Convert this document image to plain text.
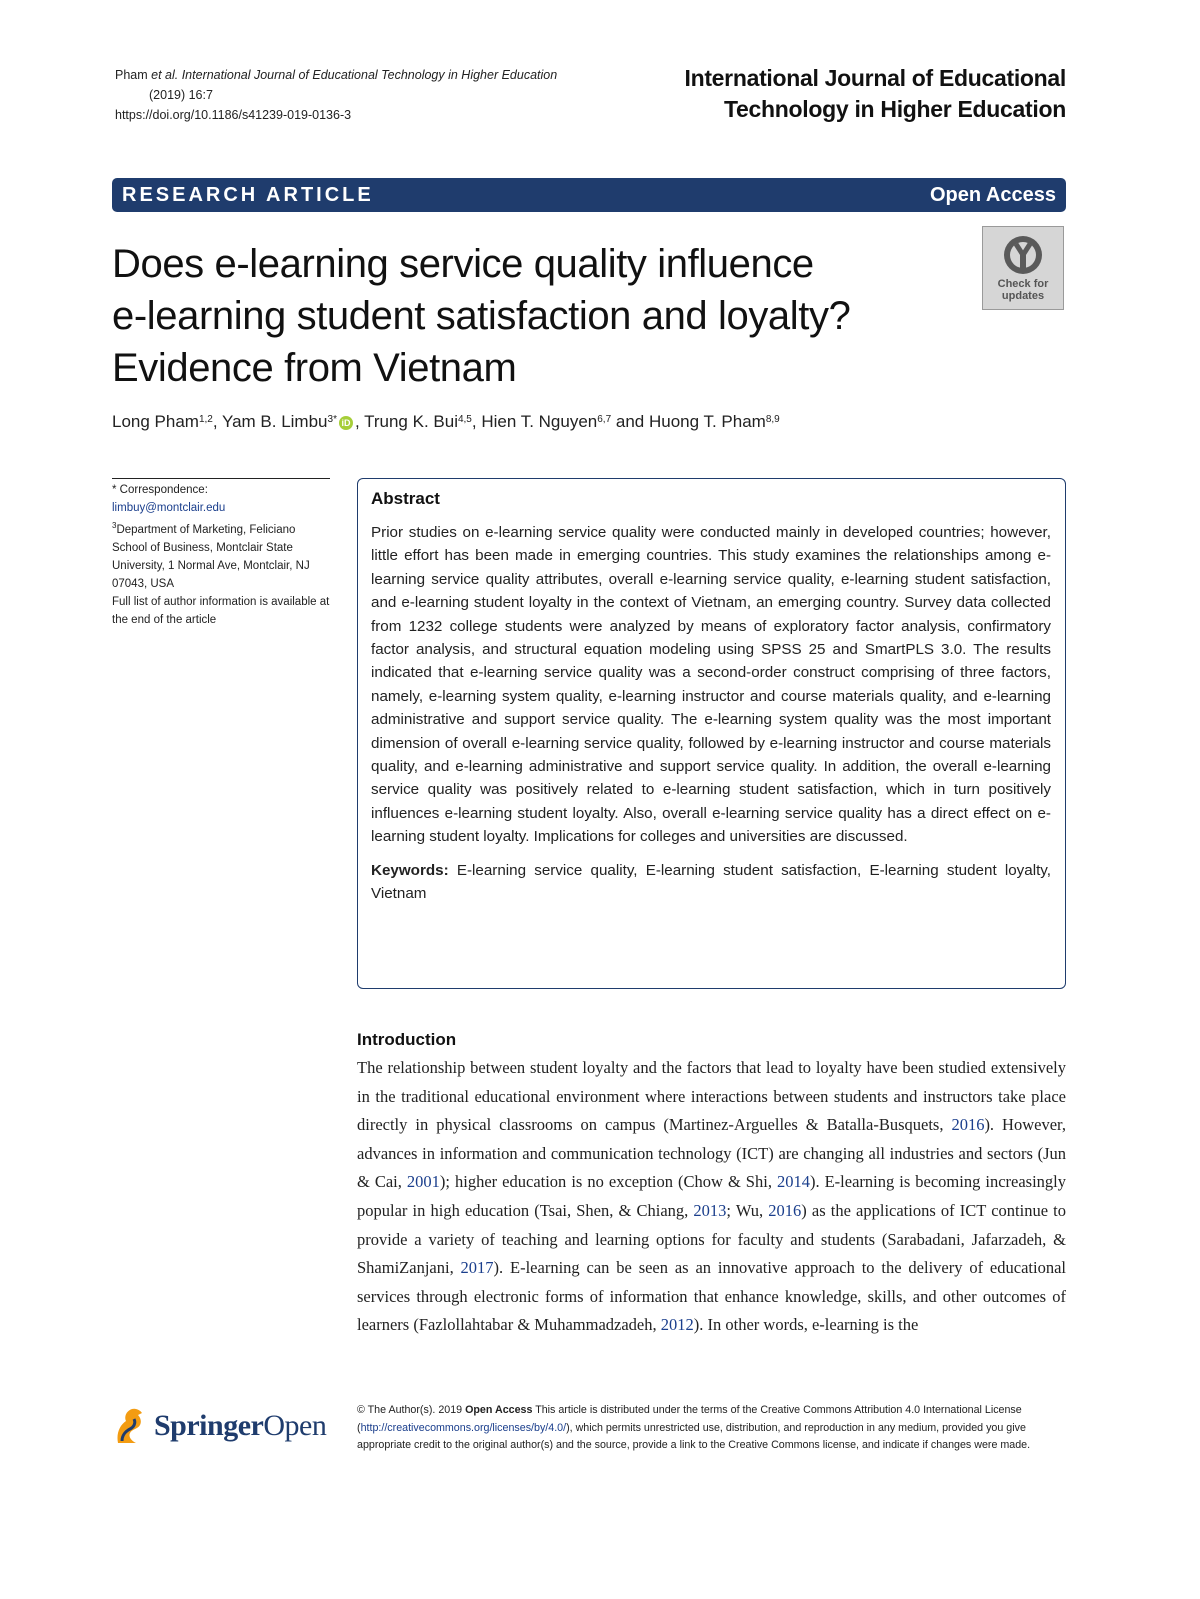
Pham et al. International Journal of Educational Technology in Higher Education
(2019) 16:7
https://doi.org/10.1186/s41239-019-0136-3
International Journal of Educational
Technology in Higher Education
RESEARCH ARTICLE	Open Access
Does e-learning service quality influence
e-learning student satisfaction and loyalty?
Evidence from Vietnam
Check for
updates
Long Pham$^{1,2}$, Yam B. Limbu$^{3*}$ iD , Trung K. Bui$^{4,5}$, Hien T. Nguyen$^{6,7}$ and Huong T. Pham$^{8,9}$
* Correspondence:
limbuy@montclair.edu
$^3$Department of Marketing, Feliciano School of Business, Montclair State University, 1 Normal Ave, Montclair, NJ 07043, USA
Full list of author information is available at the end of the article
Abstract

Prior studies on e-learning service quality were conducted mainly in developed countries; however, little effort has been made in emerging countries. This study examines the relationships among e-learning service quality attributes, overall e-learning service quality, e-learning student satisfaction, and e-learning student loyalty in the context of Vietnam, an emerging country. Survey data collected from 1232 college students were analyzed by means of exploratory factor analysis, confirmatory factor analysis, and structural equation modeling using SPSS 25 and SmartPLS 3.0. The results indicated that e-learning service quality was a second-order construct comprising of three factors, namely, e-learning system quality, e-learning instructor and course materials quality, and e-learning administrative and support service quality. The e-learning system quality was the most important dimension of overall e-learning service quality, followed by e-learning instructor and course materials quality, and e-learning administrative and support service quality. In addition, the overall e-learning service quality was positively related to e-learning student satisfaction, which in turn positively influences e-learning student loyalty. Also, overall e-learning service quality has a direct effect on e-learning student loyalty. Implications for colleges and universities are discussed.

Keywords: E-learning service quality, E-learning student satisfaction, E-learning student loyalty, Vietnam

Introduction

The relationship between student loyalty and the factors that lead to loyalty have been studied extensively in the traditional educational environment where interactions between students and instructors take place directly in physical classrooms on campus (Martinez-Arguelles & Batalla-Busquets, 2016). However, advances in information and communication technology (ICT) are changing all industries and sectors (Jun & Cai, 2001); higher education is no exception (Chow & Shi, 2014). E-learning is becoming increasingly popular in high education (Tsai, Shen, & Chiang, 2013; Wu, 2016) as the applications of ICT continue to provide a variety of teaching and learning options for faculty and students (Sarabadani, Jafarzadeh, & ShamiZanjani, 2017). E-learning can be seen as an innovative approach to the delivery of educational services through electronic forms of information that enhance knowledge, skills, and other outcomes of learners (Fazlollahtabar & Muhammadzadeh, 2012). In other words, e-learning is the

SpringerOpen	© The Author(s). 2019 Open Access This article is distributed under the terms of the Creative Commons Attribution 4.0 International License (http://creativecommons.org/licenses/by/4.0/), which permits unrestricted use, distribution, and reproduction in any medium, provided you give appropriate credit to the original author(s) and the source, provide a link to the Creative Commons license, and indicate if changes were made.
